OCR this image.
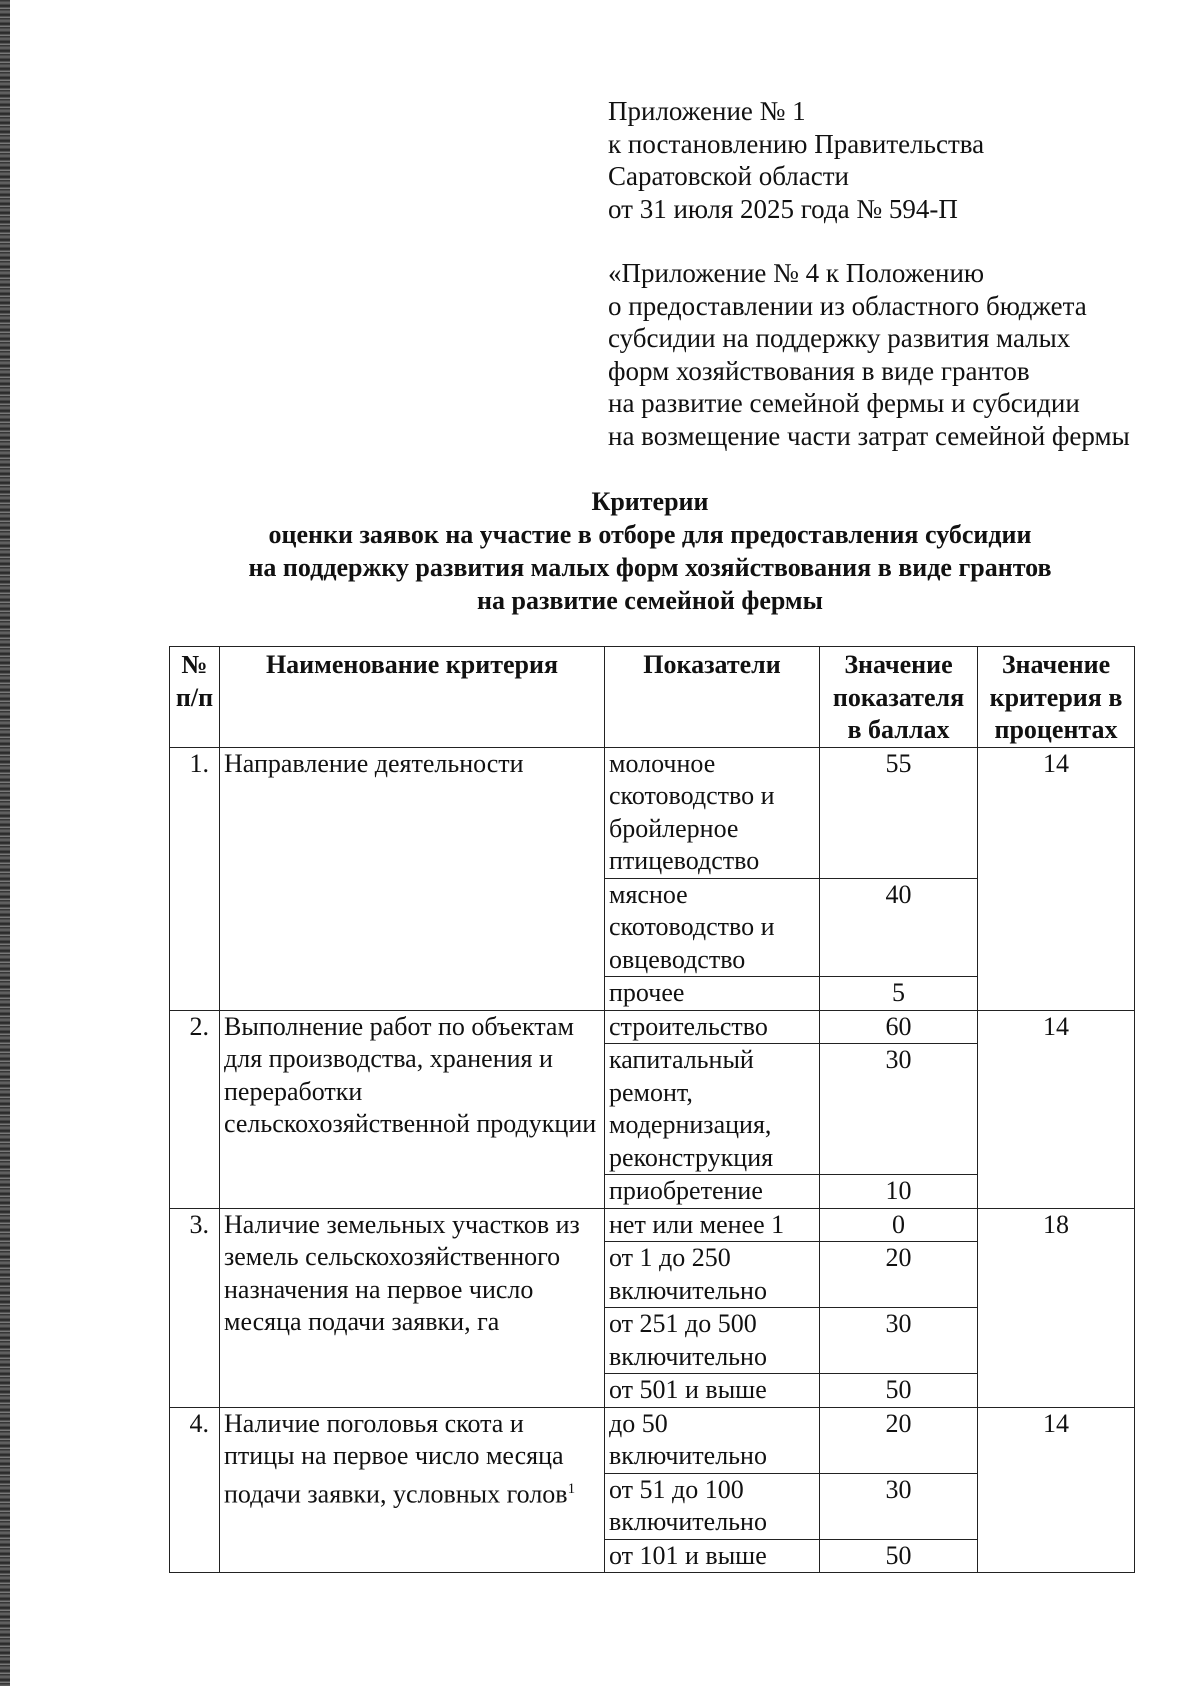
Приложение № 1
к постановлению Правительства
Саратовской области
от 31 июля 2025 года № 594-П
«Приложение № 4 к Положению
о предоставлении из областного бюджета
субсидии на поддержку развития малых
форм хозяйствования в виде грантов
на развитие семейной фермы и субсидии
на возмещение части затрат семейной фермы
Критерии
оценки заявок на участие в отборе для предоставления субсидии
на поддержку развития малых форм хозяйствования в виде грантов
на развитие семейной фермы
№ п/п	Наименование критерия	Показатели	Значение показателя в баллах	Значение критерия в процентах
1.	Направление деятельности	молочное скотоводство и бройлерное птицеводство	55	14
		мясное скотоводство и овцеводство	40	
		прочее	5	
2.	Выполнение работ по объектам для производства, хранения и переработки сельскохозяйственной продукции	строительство	60	14
		капитальный ремонт, модернизация, реконструкция	30	
		приобретение	10	
3.	Наличие земельных участков из земель сельскохозяйственного назначения на первое число месяца подачи заявки, га	нет или менее 1	0	18
		от 1 до 250 включительно	20	
		от 251 до 500 включительно	30	
		от 501 и выше	50	
4.	Наличие поголовья скота и птицы на первое число месяца подачи заявки, условных голов$^1$	до 50 включительно	20	14
		от 51 до 100 включительно	30	
		от 101 и выше	50	
